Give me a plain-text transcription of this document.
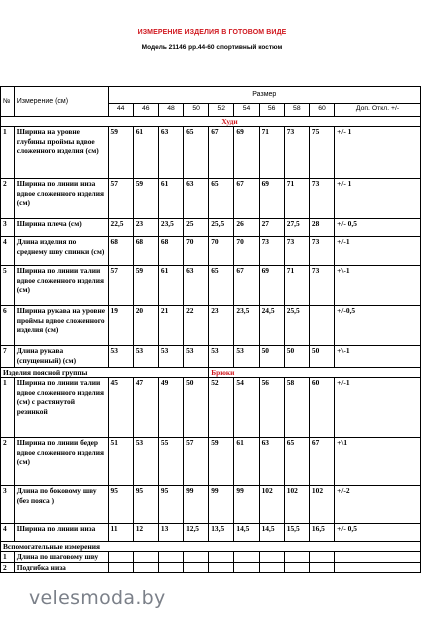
ИЗМЕРЕНИЕ ИЗДЕЛИЯ В ГОТОВОМ ВИДЕ
Модель 21146 рр.44-60 спортивный костюм
№	Измерение (см)	Размер									
		44	46	48	50	52	54	56	58	60	Доп. Откл. +/-
Худи											
1	Ширина на уровне глубины проймы вдвое сложенного изделия (см)	59	61	63	65	67	69	71	73	75	+/- 1
2	Ширина по линии низа вдвое сложенного изделия (см)	57	59	61	63	65	67	69	71	73	+/- 1
3	Ширина плеча (см)	22,5	23	23,5	25	25,5	26	27	27,5	28	+/- 0,5
4	Длина изделия по среднему шву спинки (см)	68	68	68	70	70	70	73	73	73	+/-1
5	Ширина по линии талии вдвое сложенного изделия (см)	57	59	61	63	65	67	69	71	73	+\-1
6	Ширина рукава на уровне проймы вдвое сложенного изделия (см)	19	20	21	22	23	23,5	24,5	25,5		+/-0,5
7	Длина рукава (спущенный) (см)	53	53	53	53	53	53	50	50	50	+\-1
Изделия поясной группы						Брюки					
1	Ширина по линии талии вдвое сложенного изделия (см) с растянутой резинкой	45	47	49	50	52	54	56	58	60	+/-1
2	Ширина по линии бедер вдвое сложенного изделия (см)	51	53	55	57	59	61	63	65	67	+\1
3	Длина по боковому шву (без пояса )	95	95	95	99	99	99	102	102	102	+/-2
4	Ширина по линии низа	11	12	13	12,5	13,5	14,5	14,5	15,5	16,5	+/- 0,5
Вспомогательные измерения											
1	Длина по шаговому шву										
2	Подгибка низа										
velesmoda.by
